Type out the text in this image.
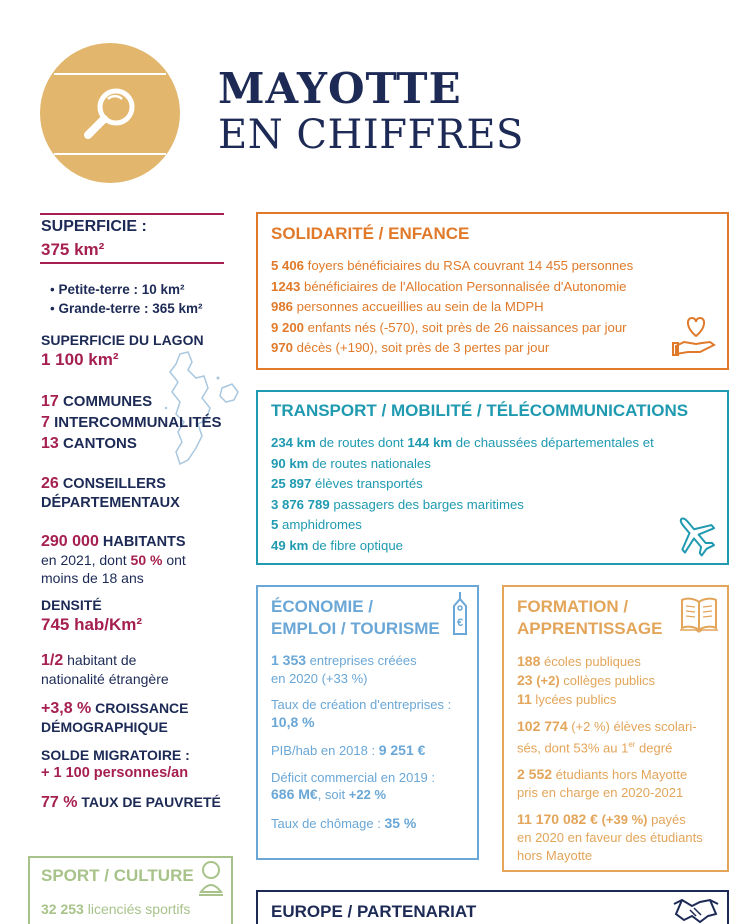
MAYOTTE
EN CHIFFRES
SUPERFICIE :
375 km²
• Petite-terre : 10 km²
• Grande-terre : 365 km²
SUPERFICIE DU LAGON
1 100 km²
17 COMMUNES
7 INTERCOMMUNALITÉS
13 CANTONS
26 CONSEILLERS
DÉPARTEMENTAUX
290 000 HABITANTS
en 2021, dont 50 % ont
moins de 18 ans
DENSITÉ
745 hab/Km²
1/2 habitant de
nationalité étrangère
+3,8 % CROISSANCE
DÉMOGRAPHIQUE
SOLDE MIGRATOIRE :
+ 1 100 personnes/an
77 % TAUX DE PAUVRETÉ
SPORT / CULTURE
32 253 licenciés sportifs
SOLIDARITÉ / ENFANCE
5 406 foyers bénéficiaires du RSA couvrant 14 455 personnes
1243 bénéficiaires de l'Allocation Personnalisée d'Autonomie
986 personnes accueillies au sein de la MDPH
9 200 enfants nés (-570), soit près de 26 naissances par jour
970 décès (+190), soit près de 3 pertes par jour
TRANSPORT / MOBILITÉ / TÉLÉCOMMUNICATIONS
234 km de routes dont 144 km de chaussées départementales et
90 km de routes nationales
25 897 élèves transportés
3 876 789 passagers des barges maritimes
5 amphidromes
49 km de fibre optique
ÉCONOMIE /
EMPLOI / TOURISME €
1 353 entreprises créées
en 2020 (+33 %)
Taux de création d'entreprises :
10,8 %
PIB/hab en 2018 : 9 251 €
Déficit commercial en 2019 :
686 M€, soit +22 %
Taux de chômage : 35 %
FORMATION /
APPRENTISSAGE
188 écoles publiques
23 (+2) collèges publics
11 lycées publics
102 774 (+2 %) élèves scolari-
sés, dont 53% au 1er degré
2 552 étudiants hors Mayotte
pris en charge en 2020-2021
11 170 082 € (+39 %) payés
en 2020 en faveur des étudiants
hors Mayotte
EUROPE / PARTENARIAT
